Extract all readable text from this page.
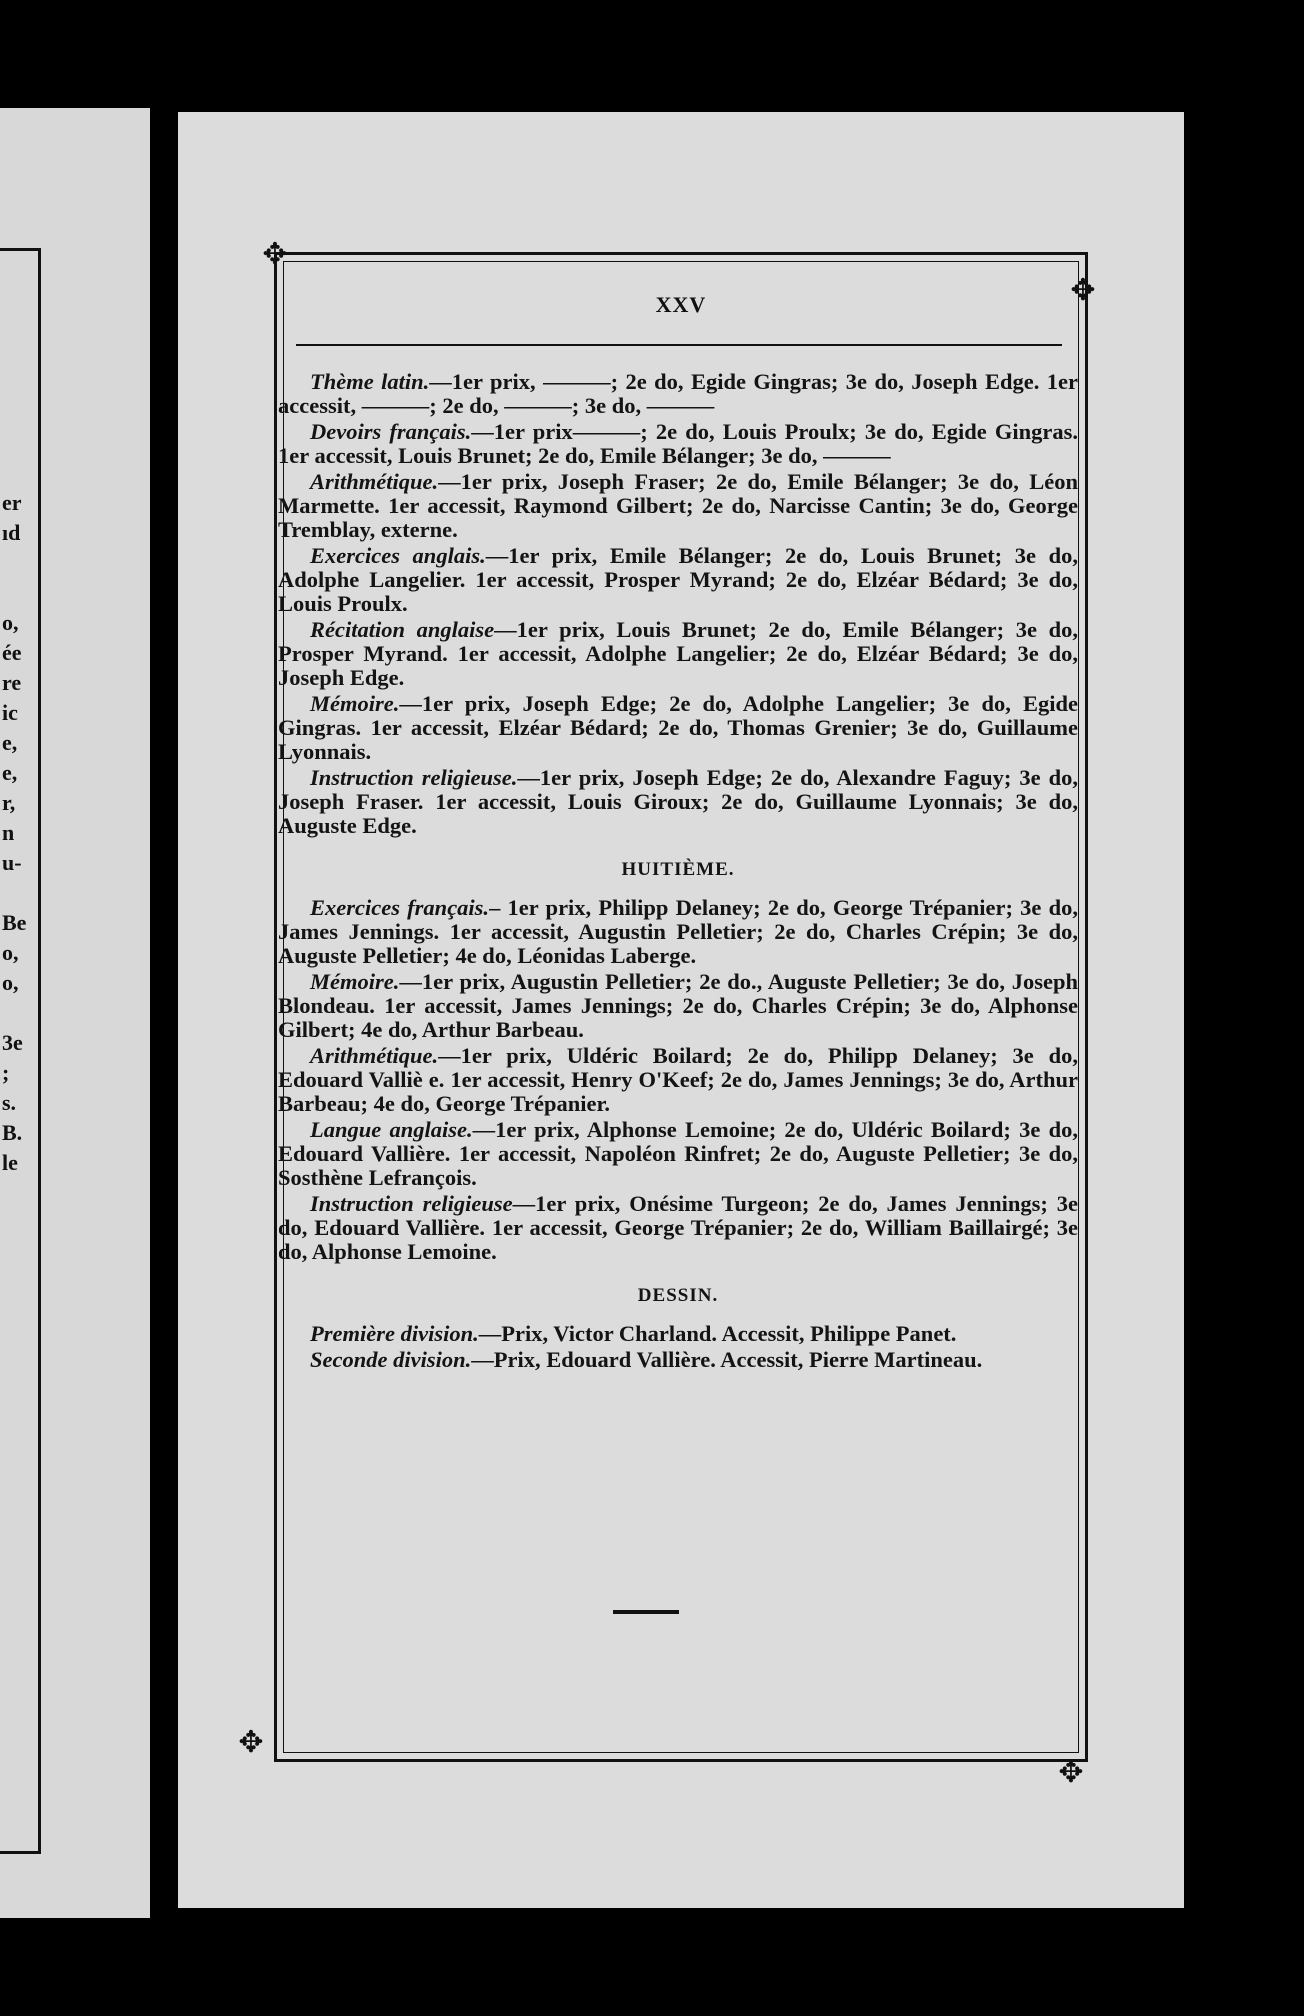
er
ıd

o,
ée
re
ic
e,
e,
r,
n
u-

Be
o,
o,

3e
;
s.
B.
le
✥
✥
✥
✥
XXV

Thème latin.—1er prix, ———; 2e do, Egide Gingras; 3e do, Joseph Edge. 1er accessit, ———; 2e do, ———; 3e do, ———

Devoirs français.—1er prix———; 2e do, Louis Proulx; 3e do, Egide Gingras. 1er accessit, Louis Brunet; 2e do, Emile Bélanger; 3e do, ———

Arithmétique.—1er prix, Joseph Fraser; 2e do, Emile Bélanger; 3e do, Léon Marmette. 1er accessit, Raymond Gilbert; 2e do, Narcisse Cantin; 3e do, George Tremblay, externe.

Exercices anglais.—1er prix, Emile Bélanger; 2e do, Louis Brunet; 3e do, Adolphe Langelier. 1er accessit, Prosper Myrand; 2e do, Elzéar Bédard; 3e do, Louis Proulx.

Récitation anglaise—1er prix, Louis Brunet; 2e do, Emile Bélanger; 3e do, Prosper Myrand. 1er accessit, Adolphe Langelier; 2e do, Elzéar Bédard; 3e do, Joseph Edge.

Mémoire.—1er prix, Joseph Edge; 2e do, Adolphe Langelier; 3e do, Egide Gingras. 1er accessit, Elzéar Bédard; 2e do, Thomas Grenier; 3e do, Guillaume Lyonnais.

Instruction religieuse.—1er prix, Joseph Edge; 2e do, Alexandre Faguy; 3e do, Joseph Fraser. 1er accessit, Louis Giroux; 2e do, Guillaume Lyonnais; 3e do, Auguste Edge.

HUITIÈME.

Exercices français.– 1er prix, Philipp Delaney; 2e do, George Trépanier; 3e do, James Jennings. 1er accessit, Augustin Pelletier; 2e do, Charles Crépin; 3e do, Auguste Pelletier; 4e do, Léonidas Laberge.

Mémoire.—1er prix, Augustin Pelletier; 2e do., Auguste Pelletier; 3e do, Joseph Blondeau. 1er accessit, James Jennings; 2e do, Charles Crépin; 3e do, Alphonse Gilbert; 4e do, Arthur Barbeau.

Arithmétique.—1er prix, Uldéric Boilard; 2e do, Philipp Delaney; 3e do, Edouard Valliè e. 1er accessit, Henry O'Keef; 2e do, James Jennings; 3e do, Arthur Barbeau; 4e do, George Trépanier.

Langue anglaise.—1er prix, Alphonse Lemoine; 2e do, Uldéric Boilard; 3e do, Edouard Vallière. 1er accessit, Napoléon Rinfret; 2e do, Auguste Pelletier; 3e do, Sosthène Lefrançois.

Instruction religieuse—1er prix, Onésime Turgeon; 2e do, James Jennings; 3e do, Edouard Vallière. 1er accessit, George Trépanier; 2e do, William Baillairgé; 3e do, Alphonse Lemoine.

DESSIN.

Première division.—Prix, Victor Charland. Accessit, Philippe Panet.

Seconde division.—Prix, Edouard Vallière. Accessit, Pierre Martineau.
